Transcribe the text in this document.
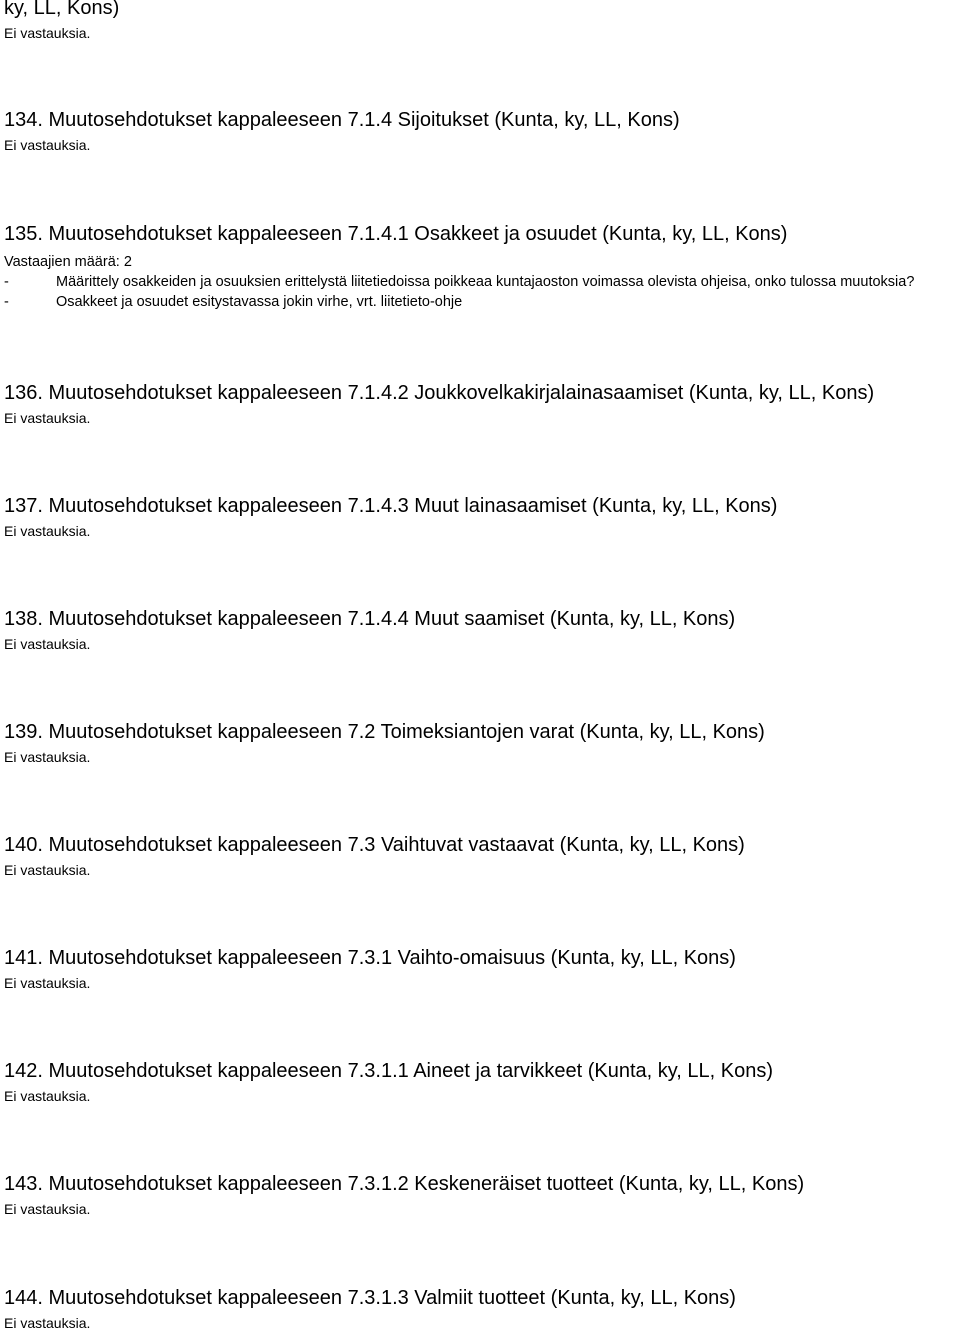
ky, LL, Kons)
Ei vastauksia.
134. Muutosehdotukset kappaleeseen 7.1.4 Sijoitukset (Kunta, ky, LL, Kons)
Ei vastauksia.
135. Muutosehdotukset kappaleeseen 7.1.4.1 Osakkeet ja osuudet (Kunta, ky, LL, Kons)
Vastaajien määrä: 2
-	Määrittely osakkeiden ja osuuksien erittelystä liitetiedoissa poikkeaa kuntajaoston voimassa olevista ohjeisa, onko tulossa muutoksia?
-	Osakkeet ja osuudet esitystavassa jokin virhe, vrt. liitetieto-ohje
136. Muutosehdotukset kappaleeseen 7.1.4.2 Joukkovelkakirjalainasaamiset (Kunta, ky, LL, Kons)
Ei vastauksia.
137. Muutosehdotukset kappaleeseen 7.1.4.3 Muut lainasaamiset (Kunta, ky, LL, Kons)
Ei vastauksia.
138. Muutosehdotukset kappaleeseen 7.1.4.4 Muut saamiset (Kunta, ky, LL, Kons)
Ei vastauksia.
139. Muutosehdotukset kappaleeseen 7.2 Toimeksiantojen varat (Kunta, ky, LL, Kons)
Ei vastauksia.
140. Muutosehdotukset kappaleeseen 7.3 Vaihtuvat vastaavat (Kunta, ky, LL, Kons)
Ei vastauksia.
141. Muutosehdotukset kappaleeseen 7.3.1 Vaihto-omaisuus (Kunta, ky, LL, Kons)
Ei vastauksia.
142. Muutosehdotukset kappaleeseen 7.3.1.1 Aineet ja tarvikkeet (Kunta, ky, LL, Kons)
Ei vastauksia.
143. Muutosehdotukset kappaleeseen 7.3.1.2 Keskeneräiset tuotteet (Kunta, ky, LL, Kons)
Ei vastauksia.
144. Muutosehdotukset kappaleeseen 7.3.1.3 Valmiit tuotteet (Kunta, ky, LL, Kons)
Ei vastauksia.
